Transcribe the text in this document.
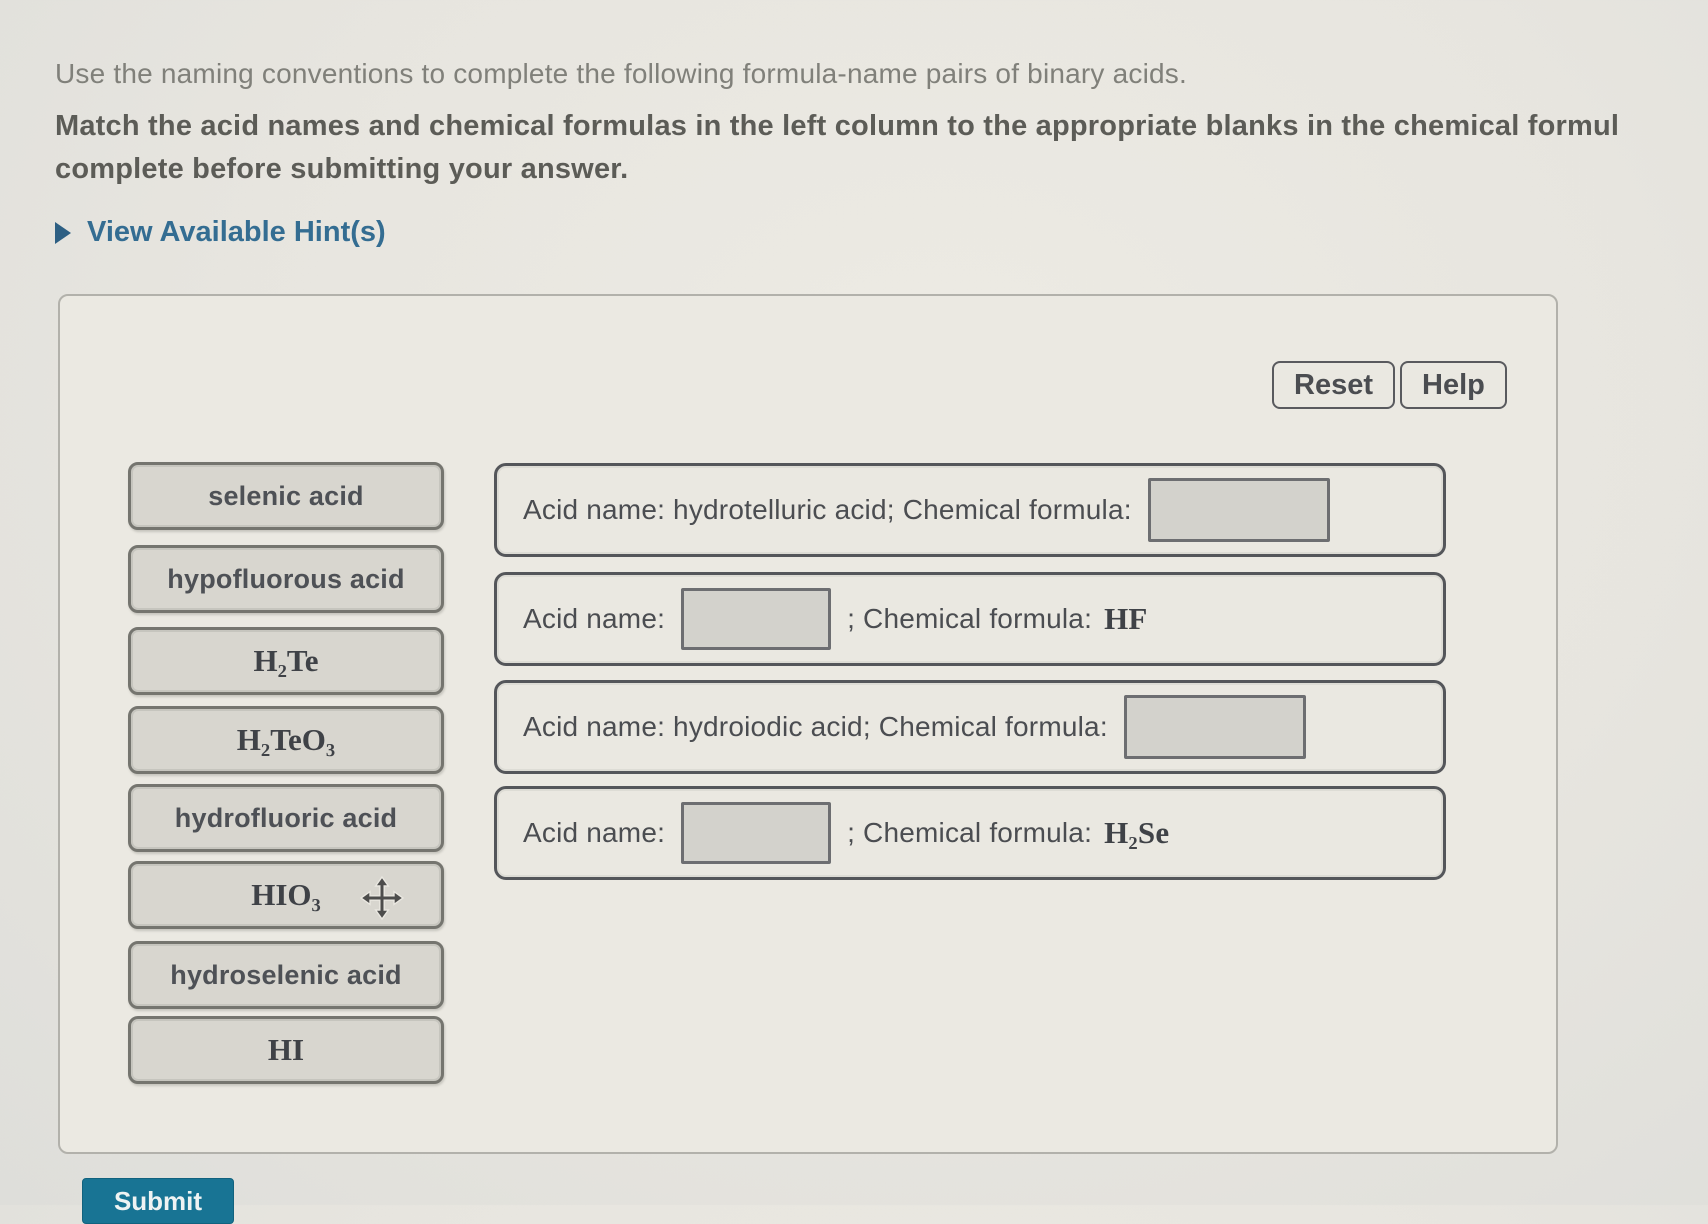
Use the naming conventions to complete the following formula-name pairs of binary acids.
Match the acid names and chemical formulas in the left column to the appropriate blanks in the chemical formul
complete before submitting your answer.
View Available Hint(s)
Reset	Help
selenic acid
hypofluorous acid
H₂Te
H₂TeO₃
hydrofluoric acid
HIO₃
hydroselenic acid
HI
Acid name: hydrotelluric acid; Chemical formula:
Acid name:	; Chemical formula: HF
Acid name: hydroiodic acid; Chemical formula:
Acid name:	; Chemical formula: H₂Se
Submit
